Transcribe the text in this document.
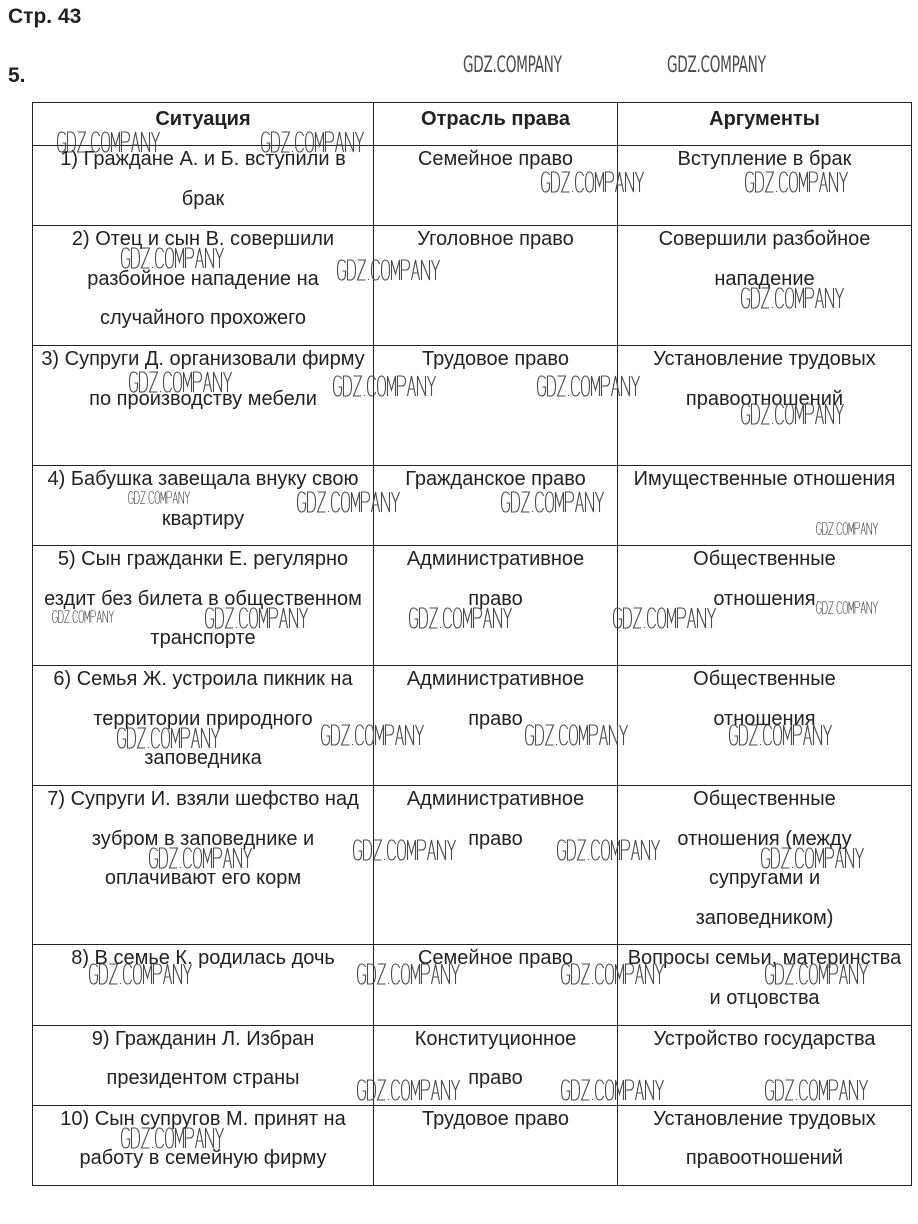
Стр. 43
5.
Ситуация	Отрасль права	Аргументы

1) Граждане А. и Б. вступили в брак	Семейное право	Вступление в брак

2) Отец и сын В. совершили разбойное нападение на случайного прохожего	Уголовное право	Совершили разбойное нападение

3) Супруги Д. организовали фирму по производству мебели	Трудовое право	Установление трудовых правоотношений

4) Бабушка завещала внуку свою квартиру	Гражданское право	Имущественные отношения

5) Сын гражданки Е. регулярно ездит без билета в общественном транспорте	Административное право	Общественные отношения

6) Семья Ж. устроила пикник на территории природного заповедника	Административное право	Общественные отношения

7) Супруги И. взяли шефство над зубром в заповеднике и оплачивают его корм	Административное право	Общественные отношения (между супругами и заповедником)

8) В семье К. родилась дочь	Семейное право	Вопросы семьи, материнства и отцовства

9) Гражданин Л. Избран президентом страны	Конституционное право	Устройство государства

10) Сын супругов М. принят на работу в семейную фирму	Трудовое право	Установление трудовых правоотношений
GDZ.COMPANY	GDZ.COMPANY
